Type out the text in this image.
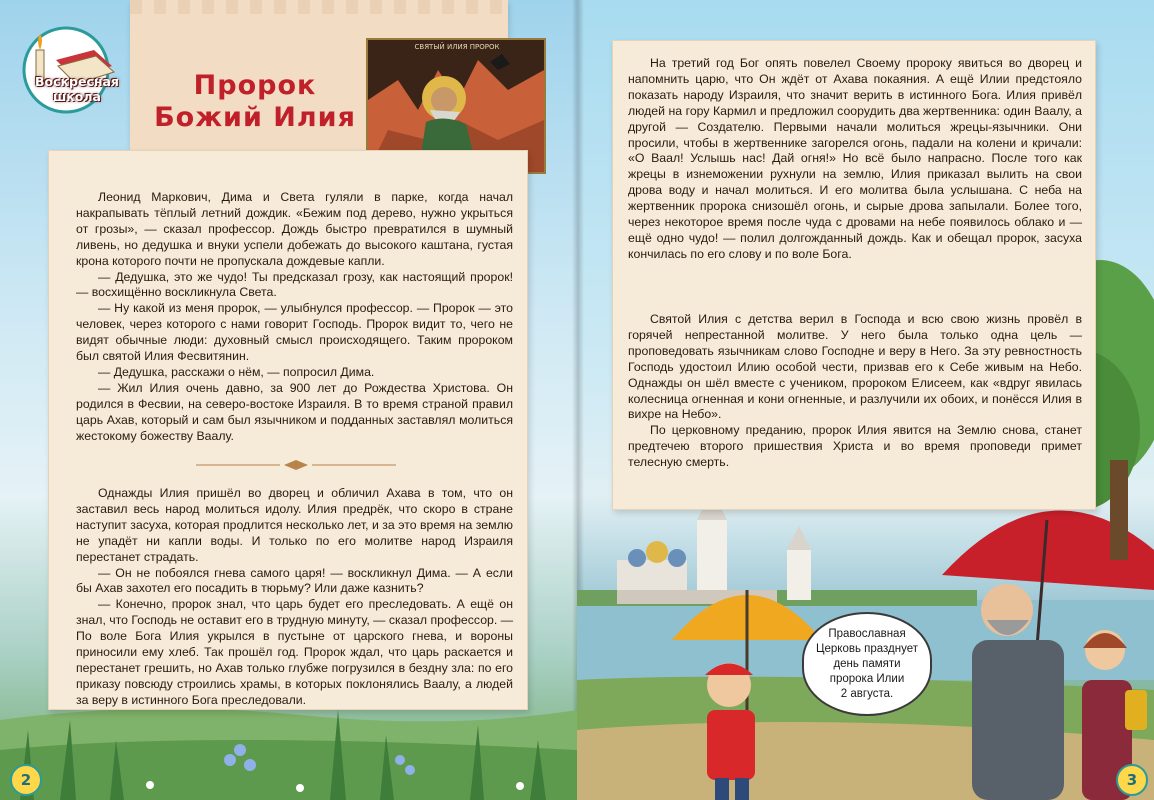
Воскресная
школа	Пророк
Божий Илия
СВЯТЫЙ ИЛИЯ ПРОРОК

Леонид Маркович, Дима и Света гуляли в парке, когда начал накрапывать тёплый летний дождик. «Бежим под дерево, нужно укрыться от грозы», — сказал профессор. Дождь быстро превратился в шумный ливень, но дедушка и внуки успели добежать до высокого каштана, густая крона которого почти не пропускала дождевые капли.

— Дедушка, это же чудо! Ты предсказал грозу, как настоящий пророк! — восхищённо воскликнула Света.

— Ну какой из меня пророк, — улыбнулся профессор. — Пророк — это человек, через которого с нами говорит Господь. Пророк видит то, чего не видят обычные люди: духовный смысл происходящего. Таким пророком был святой Илия Фесвитянин.

— Дедушка, расскажи о нём, — попросил Дима.

— Жил Илия очень давно, за 900 лет до Рождества Христова. Он родился в Фесвии, на северо-востоке Израиля. В то время страной правил царь Ахав, который и сам был язычником и подданных заставлял молиться жестокому божеству Ваалу.

Однажды Илия пришёл во дворец и обличил Ахава в том, что он заставил весь народ молиться идолу. Илия предрёк, что скоро в стране наступит засуха, которая продлится несколько лет, и за это время на землю не упадёт ни капли воды. И только по его молитве народ Израиля перестанет страдать.

— Он не побоялся гнева самого царя! — воскликнул Дима. — А если бы Ахав захотел его посадить в тюрьму? Или даже казнить?

— Конечно, пророк знал, что царь будет его преследовать. А ещё он знал, что Господь не оставит его в трудную минуту, — сказал профессор. — По воле Бога Илия укрылся в пустыне от царского гнева, и вороны приносили ему хлеб. Так прошёл год. Пророк ждал, что царь раскается и перестанет грешить, но Ахав только глубже погрузился в бездну зла: по его приказу повсюду строились храмы, в которых поклонялись Ваалу, а людей за веру в истинного Бога преследовали.

На третий год Бог опять повелел Своему пророку явиться во дворец и напомнить царю, что Он ждёт от Ахава покаяния. А ещё Илии предстояло показать народу Израиля, что значит верить в истинного Бога. Илия привёл людей на гору Кармил и предложил соорудить два жертвенника: один Ваалу, а другой — Создателю. Первыми начали молиться жрецы-язычники. Они просили, чтобы в жертвеннике загорелся огонь, падали на колени и кричали: «О Ваал! Услышь нас! Дай огня!» Но всё было напрасно. После того как жрецы в изнеможении рухнули на землю, Илия приказал вылить на свои дрова воду и начал молиться. И его молитва была услышана. С неба на жертвенник пророка снизошёл огонь, и сырые дрова запылали. Более того, через некоторое время после чуда с дровами на небе появилось облако и — ещё одно чудо! — полил долгожданный дождь. Как и обещал пророк, засуха кончилась по его слову и по воле Бога.

Святой Илия с детства верил в Господа и всю свою жизнь провёл в горячей непрестанной молитве. У него была только одна цель — проповедовать язычникам слово Господне и веру в Него. За эту ревностность Господь удостоил Илию особой чести, призвав его к Себе живым на Небо. Однажды он шёл вместе с учеником, пророком Елисеем, как «вдруг явилась колесница огненная и кони огненные, и разлучили их обоих, и понёсся Илия в вихре на Небо».

По церковному преданию, пророк Илия явится на Землю снова, станет предтечею второго пришествия Христа и во время проповеди примет телесную смерть.

Православная
Церковь празднует
день памяти
пророка Илии
2 августа.
2	3
